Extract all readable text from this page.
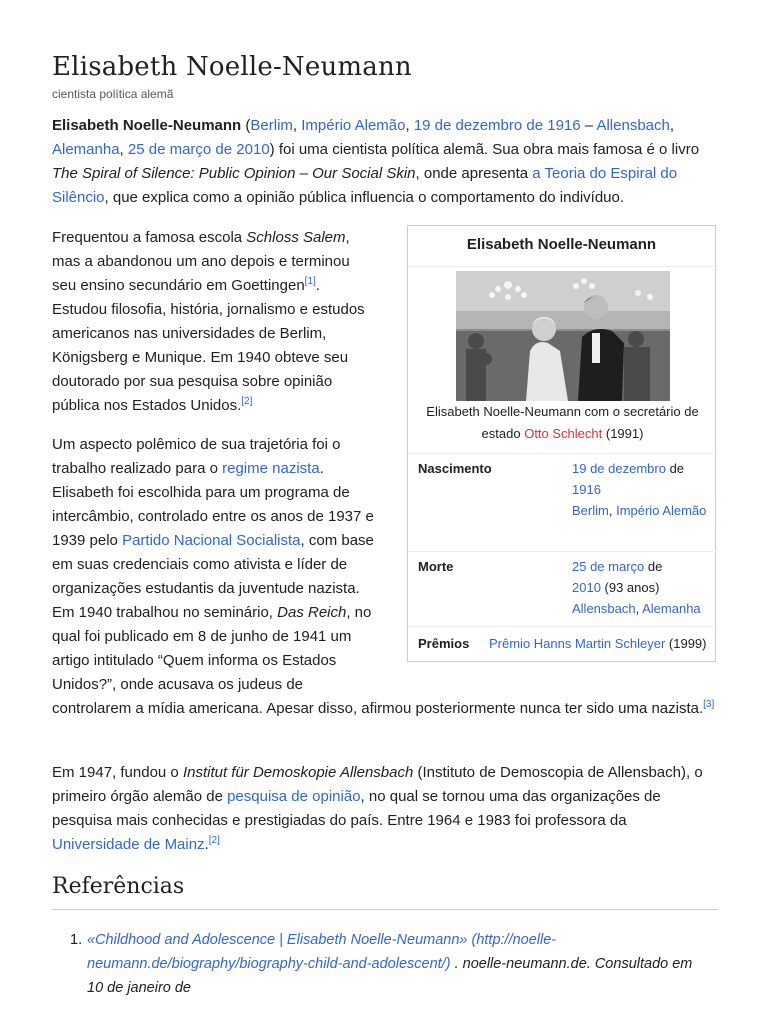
Elisabeth Noelle-Neumann
cientista política alemã

Elisabeth Noelle-Neumann (Berlim, Império Alemão, 19 de dezembro de 1916 – Allensbach, Alemanha, 25 de março de 2010) foi uma cientista política alemã. Sua obra mais famosa é o livro The Spiral of Silence: Public Opinion – Our Social Skin, onde apresenta a Teoria do Espiral do Silêncio, que explica como a opinião pública influencia o comportamento do indivíduo.

Frequentou a famosa escola Schloss Salem, mas a abandonou um ano depois e terminou seu ensino secundário em Goettingen[1]. Estudou filosofia, história, jornalismo e estudos americanos nas universidades de Berlim, Königsberg e Munique. Em 1940 obteve seu doutorado por sua pesquisa sobre opinião pública nos Estados Unidos.[2]

Um aspecto polêmico de sua trajetória foi o trabalho realizado para o regime nazista. Elisabeth foi escolhida para um programa de intercâmbio, controlado entre os anos de 1937 e 1939 pelo Partido Nacional Socialista, com base em suas credenciais como ativista e líder de organizações estudantis da juventude nazista. Em 1940 trabalhou no seminário, Das Reich, no qual foi publicado em 8 de junho de 1941 um artigo intitulado “Quem informa os Estados Unidos?”, onde acusava os judeus de

controlarem a mídia americana. Apesar disso, afirmou posteriormente nunca ter sido uma nazista.[3]

Em 1947, fundou o Institut für Demoskopie Allensbach (Instituto de Demoscopia de Allensbach), o primeiro órgão alemão de pesquisa de opinião, no qual se tornou uma das organizações de pesquisa mais conhecidas e prestigiadas do país. Entre 1964 e 1983 foi professora da Universidade de Mainz.[2]

Elisabeth Noelle-Neumann
Elisabeth Noelle-Neumann com o secretário de estado Otto Schlecht (1991)
Nascimento	19 de dezembro de 1916
Berlim, Império Alemão
Morte	25 de março de
2010 (93 anos)
Allensbach, Alemanha
Prêmios Prêmio Hanns Martin Schleyer (1999)
Referências
1. «Childhood and Adolescence | Elisabeth Noelle-Neumann» (http://noelle-neumann.de/biography/biography-child-and-adolescent/) . noelle-neumann.de. Consultado em 10 de janeiro de
